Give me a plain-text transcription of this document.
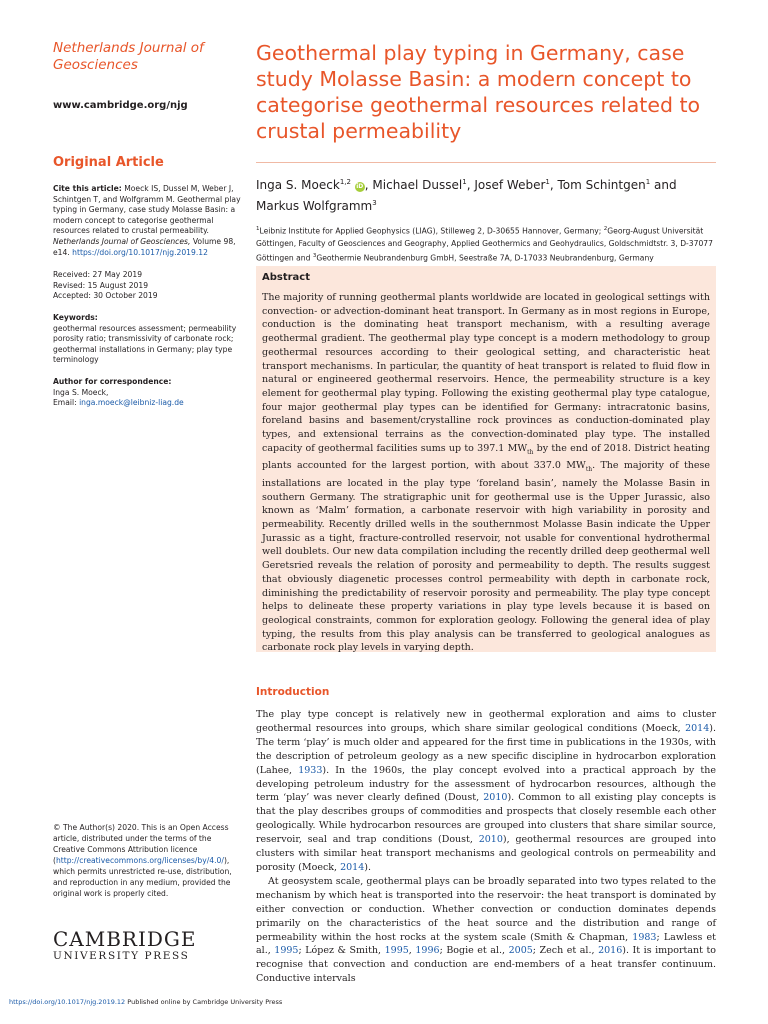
Netherlands Journal of Geosciences
www.cambridge.org/njg
Original Article
Cite this article: Moeck IS, Dussel M, Weber J, Schintgen T, and Wolfgramm M. Geothermal play typing in Germany, case study Molasse Basin: a modern concept to categorise geothermal resources related to crustal permeability. Netherlands Journal of Geosciences, Volume 98, e14. https://doi.org/10.1017/njg.2019.12
Received: 27 May 2019
Revised: 15 August 2019
Accepted: 30 October 2019
Keywords:
geothermal resources assessment; permeability porosity ratio; transmissivity of carbonate rock; geothermal installations in Germany; play type terminology
Author for correspondence:
Inga S. Moeck,
Email: inga.moeck@leibniz-liag.de
© The Author(s) 2020. This is an Open Access article, distributed under the terms of the Creative Commons Attribution licence (http://creativecommons.org/licenses/by/4.0/), which permits unrestricted re-use, distribution, and reproduction in any medium, provided the original work is properly cited.
CAMBRIDGE
UNIVERSITY PRESS
Geothermal play typing in Germany, case study Molasse Basin: a modern concept to categorise geothermal resources related to crustal permeability
Inga S. Moeck$^{1,2}$ iD, Michael Dussel$^1$, Josef Weber$^1$, Tom Schintgen$^1$ and Markus Wolfgramm$^3$
$^1$Leibniz Institute for Applied Geophysics (LIAG), Stilleweg 2, D-30655 Hannover, Germany; $^2$Georg-August Universität Göttingen, Faculty of Geosciences and Geography, Applied Geothermics and Geohydraulics, Goldschmidtstr. 3, D-37077 Göttingen and $^3$Geothermie Neubrandenburg GmbH, Seestraße 7A, D-17033 Neubrandenburg, Germany
Abstract

The majority of running geothermal plants worldwide are located in geological settings with convection- or advection-dominant heat transport. In Germany as in most regions in Europe, conduction is the dominating heat transport mechanism, with a resulting average geothermal gradient. The geothermal play type concept is a modern methodology to group geothermal resources according to their geological setting, and characteristic heat transport mechanisms. In particular, the quantity of heat transport is related to fluid flow in natural or engineered geothermal reservoirs. Hence, the permeability structure is a key element for geothermal play typing. Following the existing geothermal play type catalogue, four major geothermal play types can be identified for Germany: intracratonic basins, foreland basins and basement/crystalline rock provinces as conduction-dominated play types, and extensional terrains as the convection-dominated play type. The installed capacity of geothermal facilities sums up to 397.1 $MW_{th}$ by the end of 2018. District heating plants accounted for the largest portion, with about 337.0 $MW_{th}$. The majority of these installations are located in the play type ‘foreland basin’, namely the Molasse Basin in southern Germany. The stratigraphic unit for geothermal use is the Upper Jurassic, also known as ‘Malm’ formation, a carbonate reservoir with high variability in porosity and permeability. Recently drilled wells in the southernmost Molasse Basin indicate the Upper Jurassic as a tight, fracture-controlled reservoir, not usable for conventional hydrothermal well doublets. Our new data compilation including the recently drilled deep geothermal well Geretsried reveals the relation of porosity and permeability to depth. The results suggest that obviously diagenetic processes control permeability with depth in carbonate rock, diminishing the predictability of reservoir porosity and permeability. The play type concept helps to delineate these property variations in play type levels because it is based on geological constraints, common for exploration geology. Following the general idea of play typing, the results from this play analysis can be transferred to geological analogues as carbonate rock play levels in varying depth.

Introduction

The play type concept is relatively new in geothermal exploration and aims to cluster geothermal resources into groups, which share similar geological conditions (Moeck, 2014). The term ‘play’ is much older and appeared for the first time in publications in the 1930s, with the description of petroleum geology as a new specific discipline in hydrocarbon exploration (Lahee, 1933). In the 1960s, the play concept evolved into a practical approach by the developing petroleum industry for the assessment of hydrocarbon resources, although the term ‘play’ was never clearly defined (Doust, 2010). Common to all existing play concepts is that the play describes groups of commodities and prospects that closely resemble each other geologically. While hydrocarbon resources are grouped into clusters that share similar source, reservoir, seal and trap conditions (Doust, 2010), geothermal resources are grouped into clusters with similar heat transport mechanisms and geological controls on permeability and porosity (Moeck, 2014).

At geosystem scale, geothermal plays can be broadly separated into two types related to the mechanism by which heat is transported into the reservoir: the heat transport is dominated by either convection or conduction. Whether convection or conduction dominates depends primarily on the characteristics of the heat source and the distribution and range of permeability within the host rocks at the system scale (Smith & Chapman, 1983; Lawless et al., 1995; López & Smith, 1995, 1996; Bogie et al., 2005; Zech et al., 2016). It is important to recognise that convection and conduction are end-members of a heat transfer continuum. Conductive intervals

https://doi.org/10.1017/njg.2019.12 Published online by Cambridge University Press
